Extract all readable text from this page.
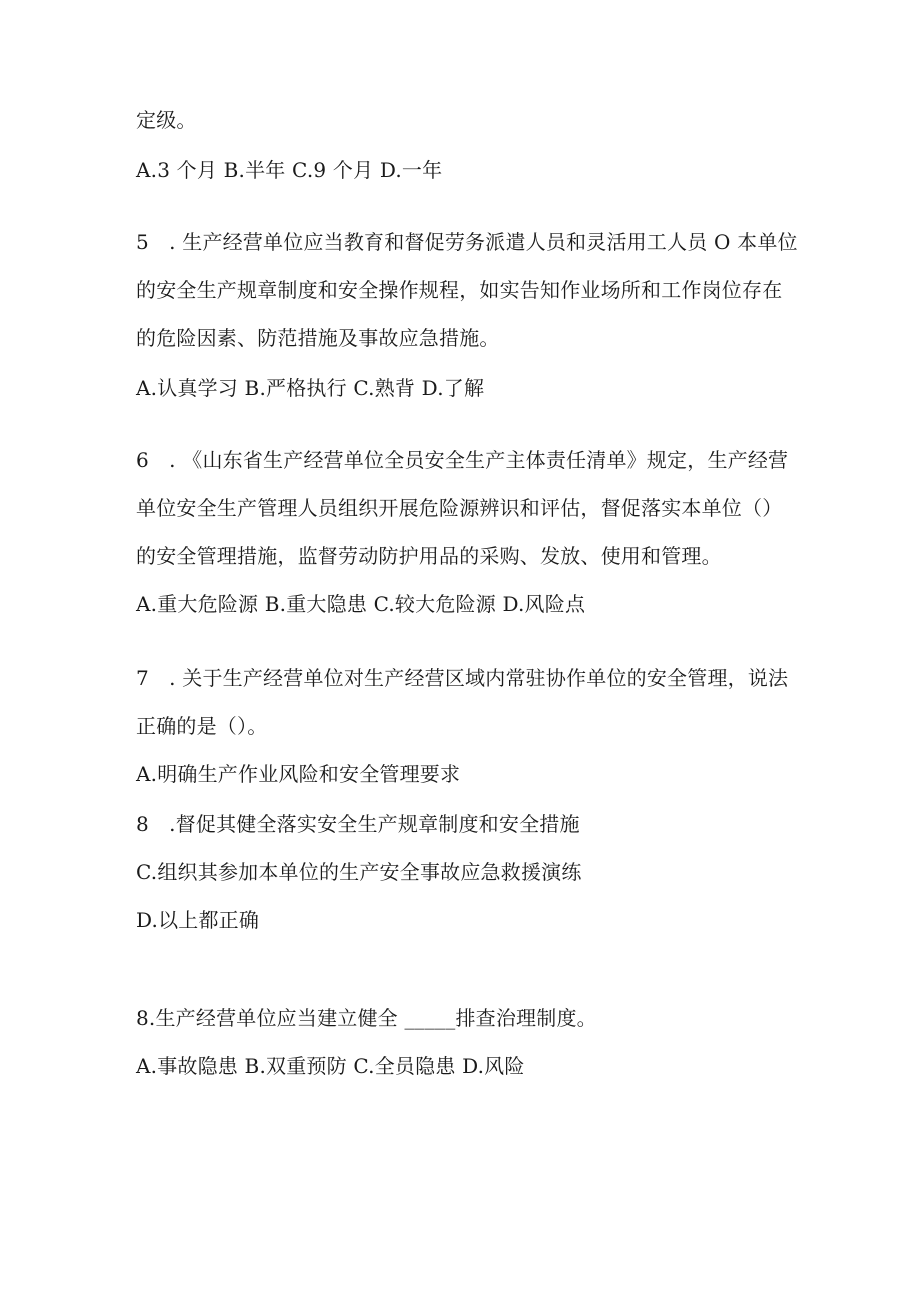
定级。
A.3 个月 B.半年 C.9 个月 D.一年
5　. 生产经营单位应当教育和督促劳务派遣人员和灵活用工人员 O 本单位
的安全生产规章制度和安全操作规程，如实告知作业场所和工作岗位存在
的危险因素、防范措施及事故应急措施。
A.认真学习 B.严格执行 C.熟背 D.了解
6　. 《山东省生产经营单位全员安全生产主体责任清单》规定，生产经营
单位安全生产管理人员组织开展危险源辨识和评估，督促落实本单位（）
的安全管理措施，监督劳动防护用品的采购、发放、使用和管理。
A.重大危险源 B.重大隐患 C.较大危险源 D.风险点
7　. 关于生产经营单位对生产经营区域内常驻协作单位的安全管理，说法
正确的是（）。
A.明确生产作业风险和安全管理要求
8　.督促其健全落实安全生产规章制度和安全措施
C.组织其参加本单位的生产安全事故应急救援演练
D.以上都正确
8.生产经营单位应当建立健全 _____排查治理制度。
A.事故隐患 B.双重预防 C.全员隐患 D.风险
